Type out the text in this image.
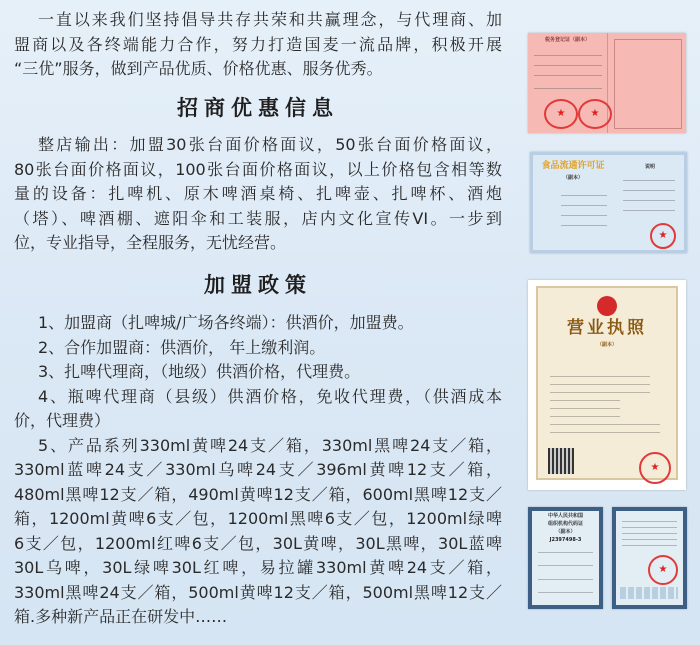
一直以来我们坚持倡导共存共荣和共赢理念，与代理商、加
盟商以及各终端能力合作，努力打造国麦一流品牌，积极开展
“三优”服务，做到产品优质、价格优惠、服务优秀。
招商优惠信息
整店输出：加盟30张台面价格面议，50张台面价格面议，
80张台面价格面议，100张台面价格面议，以上价格包含相等数
量的设备：扎啤机、原木啤酒桌椅、扎啤壶、扎啤杯、酒炮
（塔）、啤酒棚、遮阳伞和工装服，店内文化宣传VI。一步到
位，专业指导，全程服务，无忧经营。
加盟政策
1、加盟商（扎啤城/广场各终端）：供酒价，加盟费。
2、合作加盟商：供酒价， 年上缴利润。
3、扎啤代理商，（地级）供酒价格，代理费。
4、瓶啤代理商（县级）供酒价格，免收代理费，（供酒成本
价，代理费）
5、产品系列330ml黄啤24支／箱，330ml黑啤24支／箱，
330ml蓝啤24支／330ml乌啤24支／396ml黄啤12支／箱，
480ml黑啤12支／箱，490ml黄啤12支／箱，600ml黑啤12支／
箱，1200ml黄啤6支／包，1200ml黑啤6支／包，1200ml绿啤
6支／包，1200ml红啤6支／包，30L黄啤，30L黑啤，30L蓝啤
30L乌啤，30L绿啤30L红啤，易拉罐330ml黄啤24支／箱，
330ml黑啤24支／箱，500ml黄啤12支／箱，500ml黑啤12支／
箱.多种新产品正在研发中……
税务登记证（副本）
★
★
食品流通许可证
（副本）
说明
★
营业执照
（副本）
★
中华人民共和国
组织机构代码证
（副本）
J2397498-3
★
